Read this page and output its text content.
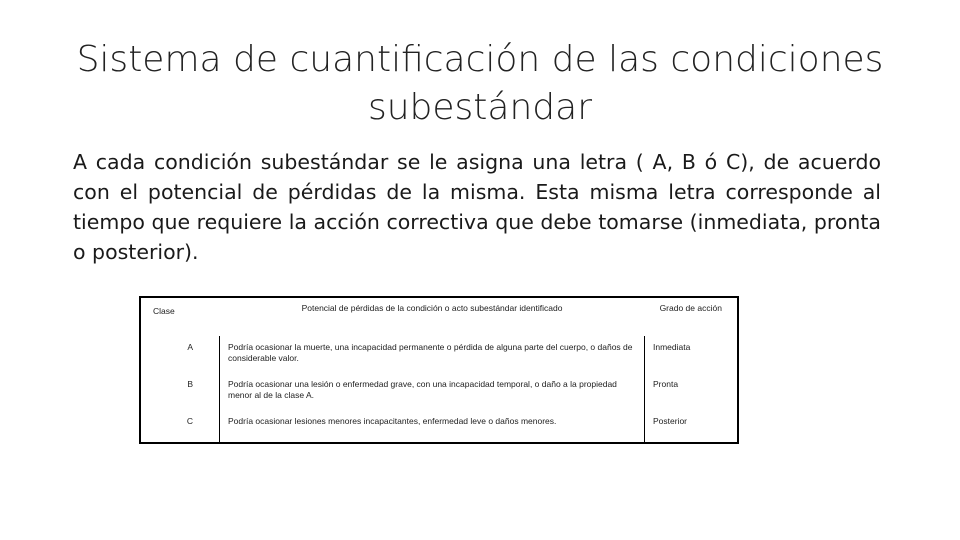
Sistema de cuantificación de las condiciones subestándar

A cada condición subestándar se le asigna una letra ( A, B ó C), de acuerdo con el potencial de pérdidas de la misma. Esta misma letra corresponde al tiempo que requiere la acción correctiva que debe tomarse (inmediata, pronta o posterior).

Clase	Potencial de pérdidas de la condición o acto subestándar identificado	Grado de acción
A	Podría ocasionar la muerte, una incapacidad permanente o pérdida de alguna parte del cuerpo, o daños de considerable valor.	Inmediata
B	Podría ocasionar una lesión o enfermedad grave, con una incapacidad temporal, o daño a la propiedad menor al de la clase A.	Pronta
C	Podría ocasionar lesiones menores incapacitantes, enfermedad leve o daños menores.	Posterior
